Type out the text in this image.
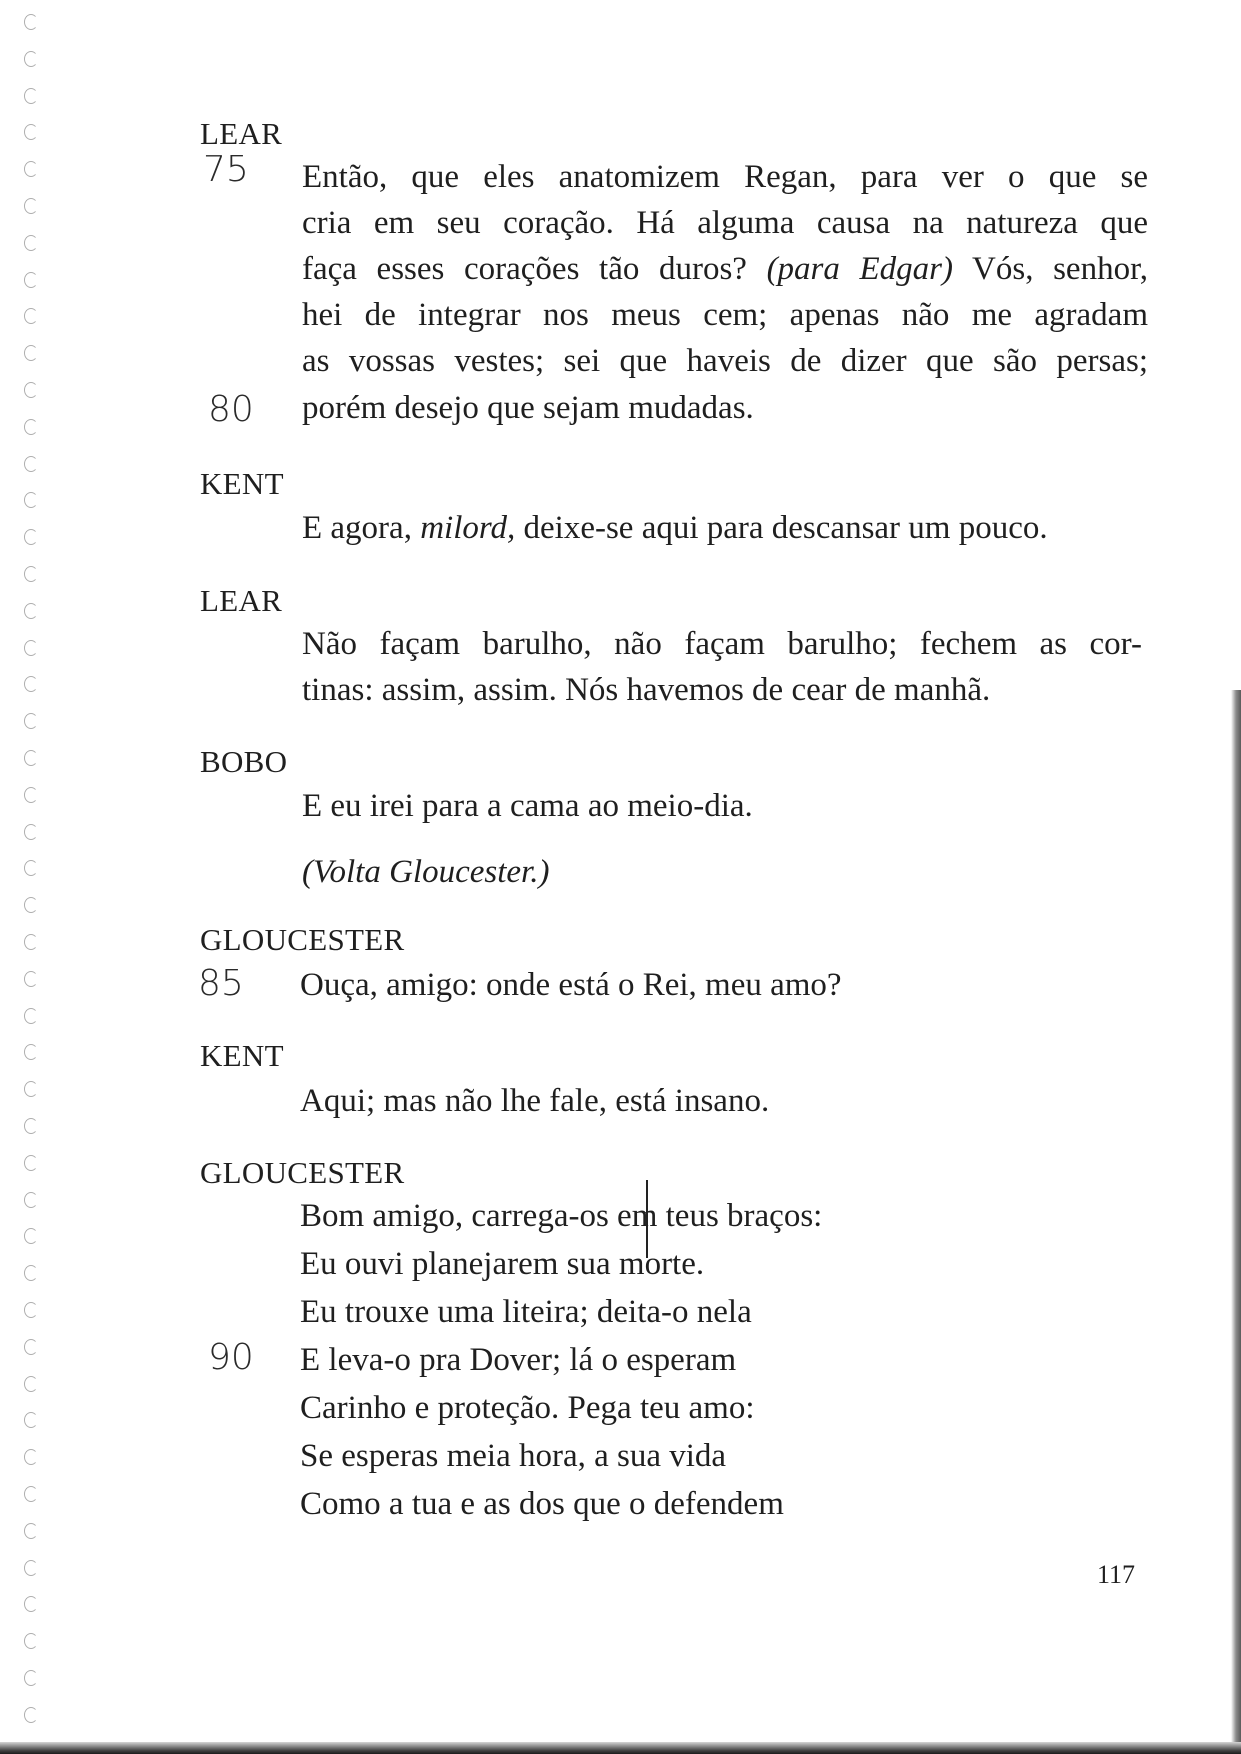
LEAR
75 Então, que eles anatomizem Regan, para ver o que se
cria em seu coração. Há alguma causa na natureza que
faça esses corações tão duros? (para Edgar) Vós, senhor,
hei de integrar nos meus cem; apenas não me agradam
as vossas vestes; sei que haveis de dizer que são persas;
80 porém desejo que sejam mudadas.
KENT
E agora, milord, deixe-se aqui para descansar um pouco.
LEAR
Não façam barulho, não façam barulho; fechem as cor-
tinas: assim, assim. Nós havemos de cear de manhã.
BOBO
E eu irei para a cama ao meio-dia.
(Volta Gloucester.)
GLOUCESTER
85 Ouça, amigo: onde está o Rei, meu amo?
KENT
Aqui; mas não lhe fale, está insano.
GLOUCESTER
Bom amigo, carrega-os em teus braços:
Eu ouvi planejarem sua morte.
Eu trouxe uma liteira; deita-o nela
90 E leva-o pra Dover; lá o esperam
Carinho e proteção. Pega teu amo:
Se esperas meia hora, a sua vida
Como a tua e as dos que o defendem
117
